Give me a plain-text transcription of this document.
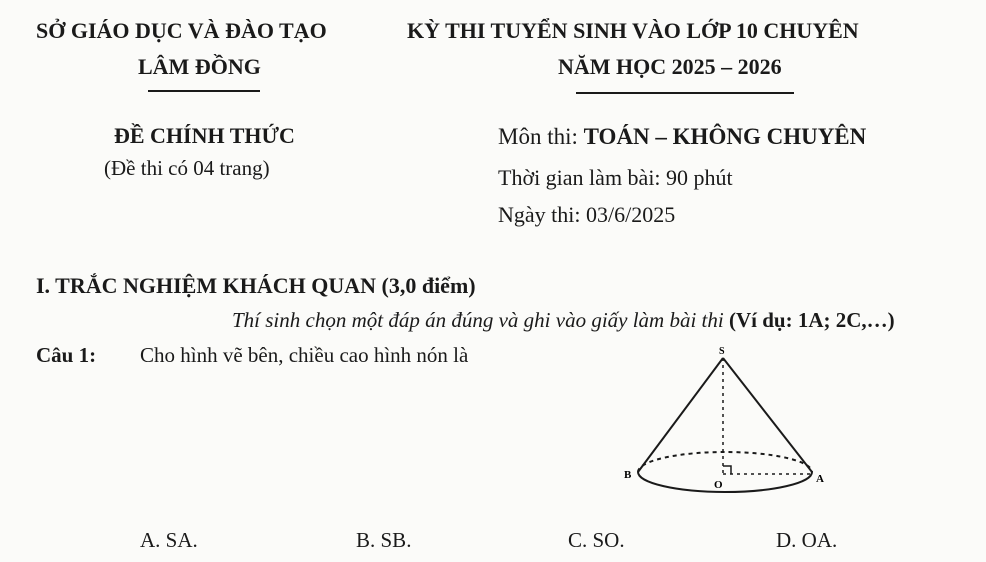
SỞ GIÁO DỤC VÀ ĐÀO TẠO
LÂM ĐỒNG
KỲ THI TUYỂN SINH VÀO LỚP 10 CHUYÊN
NĂM HỌC 2025 – 2026
ĐỀ CHÍNH THỨC
(Đề thi có 04 trang)
Môn thi: TOÁN – KHÔNG CHUYÊN
Thời gian làm bài: 90 phút
Ngày thi: 03/6/2025
I. TRẮC NGHIỆM KHÁCH QUAN (3,0 điểm)
Thí sinh chọn một đáp án đúng và ghi vào giấy làm bài thi (Ví dụ: 1A; 2C,…)
Câu 1: Cho hình vẽ bên, chiều cao hình nón là	S
B
O	A
A. SA.	B. SB.	C. SO.	D. OA.
